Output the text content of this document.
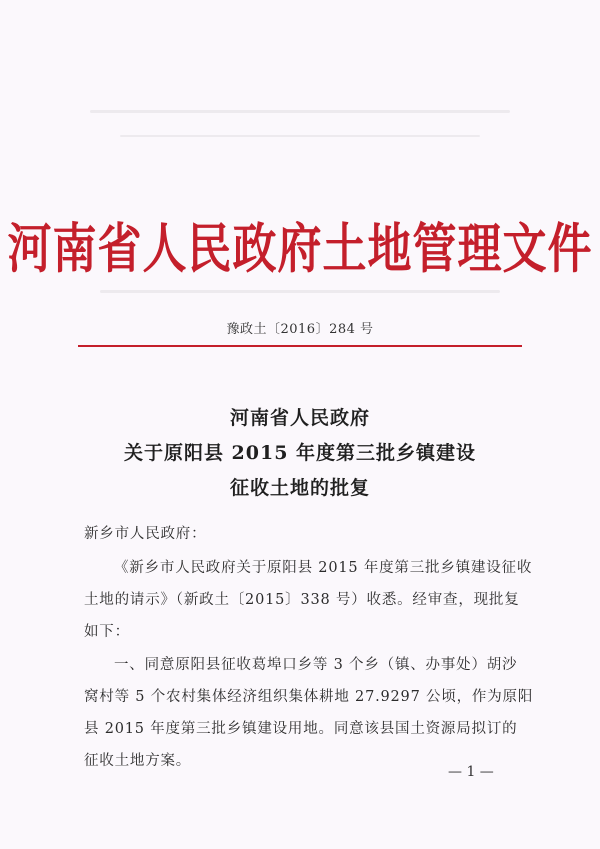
河南省人民政府土地管理文件
豫政土〔2016〕284 号
河南省人民政府
关于原阳县 2015 年度第三批乡镇建设
征收土地的批复
新乡市人民政府：
《新乡市人民政府关于原阳县 2015 年度第三批乡镇建设征收
土地的请示》（新政土〔2015〕338 号）收悉。经审查，现批复
如下：
一、同意原阳县征收葛埠口乡等 3 个乡（镇、办事处）胡沙
窝村等 5 个农村集体经济组织集体耕地 27.9297 公顷，作为原阳
县 2015 年度第三批乡镇建设用地。同意该县国土资源局拟订的
征收土地方案。
— 1 —
